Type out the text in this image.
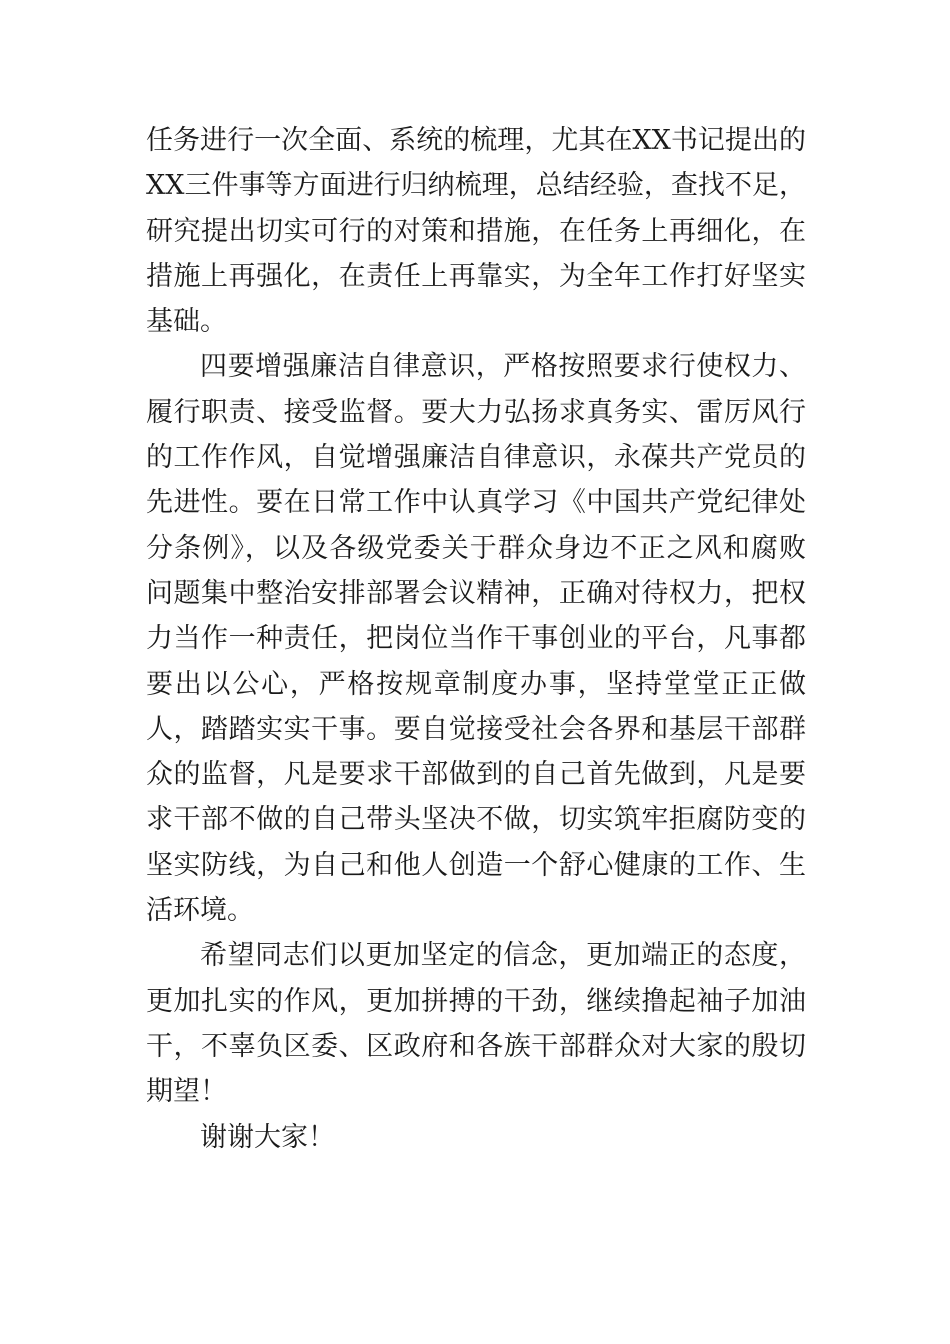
任务进行一次全面、系统的梳理，尤其在XX书记提出的XX三件事等方面进行归纳梳理，总结经验，查找不足，研究提出切实可行的对策和措施，在任务上再细化，在措施上再强化，在责任上再靠实，为全年工作打好坚实基础。

四要增强廉洁自律意识，严格按照要求行使权力、履行职责、接受监督。要大力弘扬求真务实、雷厉风行的工作作风，自觉增强廉洁自律意识，永葆共产党员的先进性。要在日常工作中认真学习《中国共产党纪律处分条例》，以及各级党委关于群众身边不正之风和腐败问题集中整治安排部署会议精神，正确对待权力，把权力当作一种责任，把岗位当作干事创业的平台，凡事都要出以公心，严格按规章制度办事，坚持堂堂正正做人，踏踏实实干事。要自觉接受社会各界和基层干部群众的监督，凡是要求干部做到的自己首先做到，凡是要求干部不做的自己带头坚决不做，切实筑牢拒腐防变的坚实防线，为自己和他人创造一个舒心健康的工作、生活环境。

希望同志们以更加坚定的信念，更加端正的态度，更加扎实的作风，更加拼搏的干劲，继续撸起袖子加油干，不辜负区委、区政府和各族干部群众对大家的殷切期望！

谢谢大家！
